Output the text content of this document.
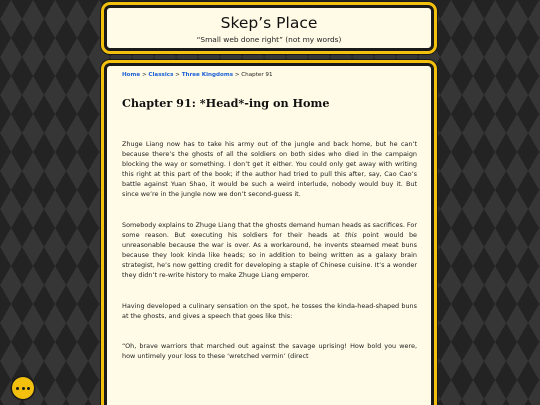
Skep’s Place
“Small web done right” (not my words)
Home > Classics > Three Kingdoms > Chapter 91
Chapter 91: *Head*-ing on Home

Zhuge Liang now has to take his army out of the jungle and back home, but he can’t because there’s the ghosts of all the soldiers on both sides who died in the campaign blocking the way or something. I don’t get it either. You could only get away with writing this right at this part of the book; if the author had tried to pull this after, say, Cao Cao’s battle against Yuan Shao, it would be such a weird interlude, nobody would buy it. But since we’re in the jungle now we don’t second-guess it.

Somebody explains to Zhuge Liang that the ghosts demand human heads as sacrifices. For some reason. But executing his soldiers for their heads at this point would be unreasonable because the war is over. As a workaround, he invents steamed meat buns because they look kinda like heads; so in addition to being written as a galaxy brain strategist, he’s now getting credit for developing a staple of Chinese cuisine. It’s a wonder they didn’t re-write history to make Zhuge Liang emperor.

Having developed a culinary sensation on the spot, he tosses the kinda-head-shaped buns at the ghosts, and gives a speech that goes like this:

“Oh, brave warriors that marched out against the savage uprising! How bold you were, how untimely your loss to these ‘wretched vermin’ (direct
